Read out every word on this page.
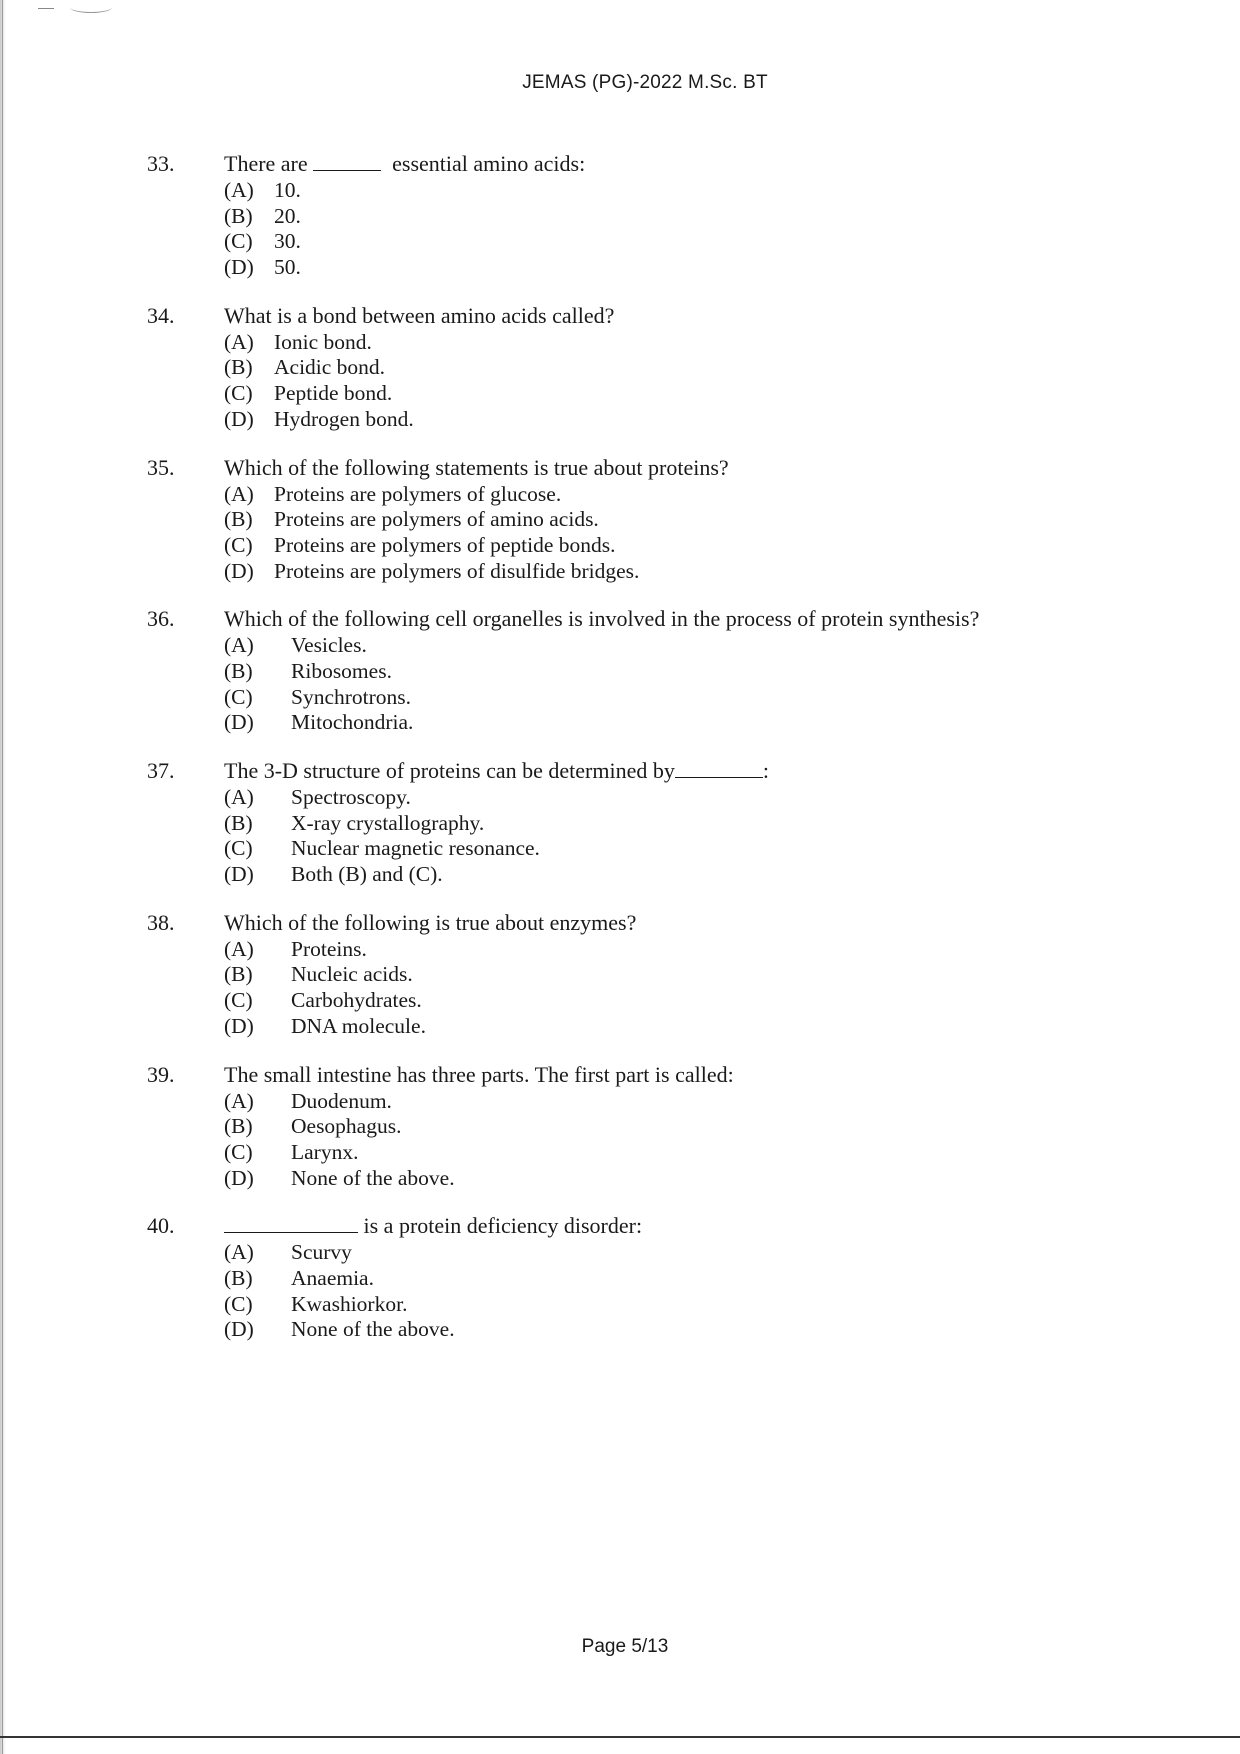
JEMAS (PG)-2022 M.Sc. BT
33.	There are	essential amino acids:
(A) 10.
(B) 20.
(C) 30.
(D) 50.
34.	What is a bond between amino acids called?
(A) Ionic bond.
(B) Acidic bond.
(C) Peptide bond.
(D) Hydrogen bond.
35.	Which of the following statements is true about proteins?
(A) Proteins are polymers of glucose.
(B) Proteins are polymers of amino acids.
(C) Proteins are polymers of peptide bonds.
(D) Proteins are polymers of disulfide bridges.
36.	Which of the following cell organelles is involved in the process of protein synthesis?
(A)	Vesicles.
(B)	Ribosomes.
(C)	Synchrotrons.
(D)	Mitochondria.
37.	The 3-D structure of proteins can be determined by	:
(A)	Spectroscopy.
(B)	X-ray crystallography.
(C)	Nuclear magnetic resonance.
(D)	Both (B) and (C).
38.	Which of the following is true about enzymes?
(A)	Proteins.
(B)	Nucleic acids.
(C)	Carbohydrates.
(D)	DNA molecule.
39.	The small intestine has three parts. The first part is called:
(A)	Duodenum.
(B)	Oesophagus.
(C)	Larynx.
(D)	None of the above.
40.	is a protein deficiency disorder:
(A)	Scurvy
(B)	Anaemia.
(C)	Kwashiorkor.
(D)	None of the above.
Page 5/13
